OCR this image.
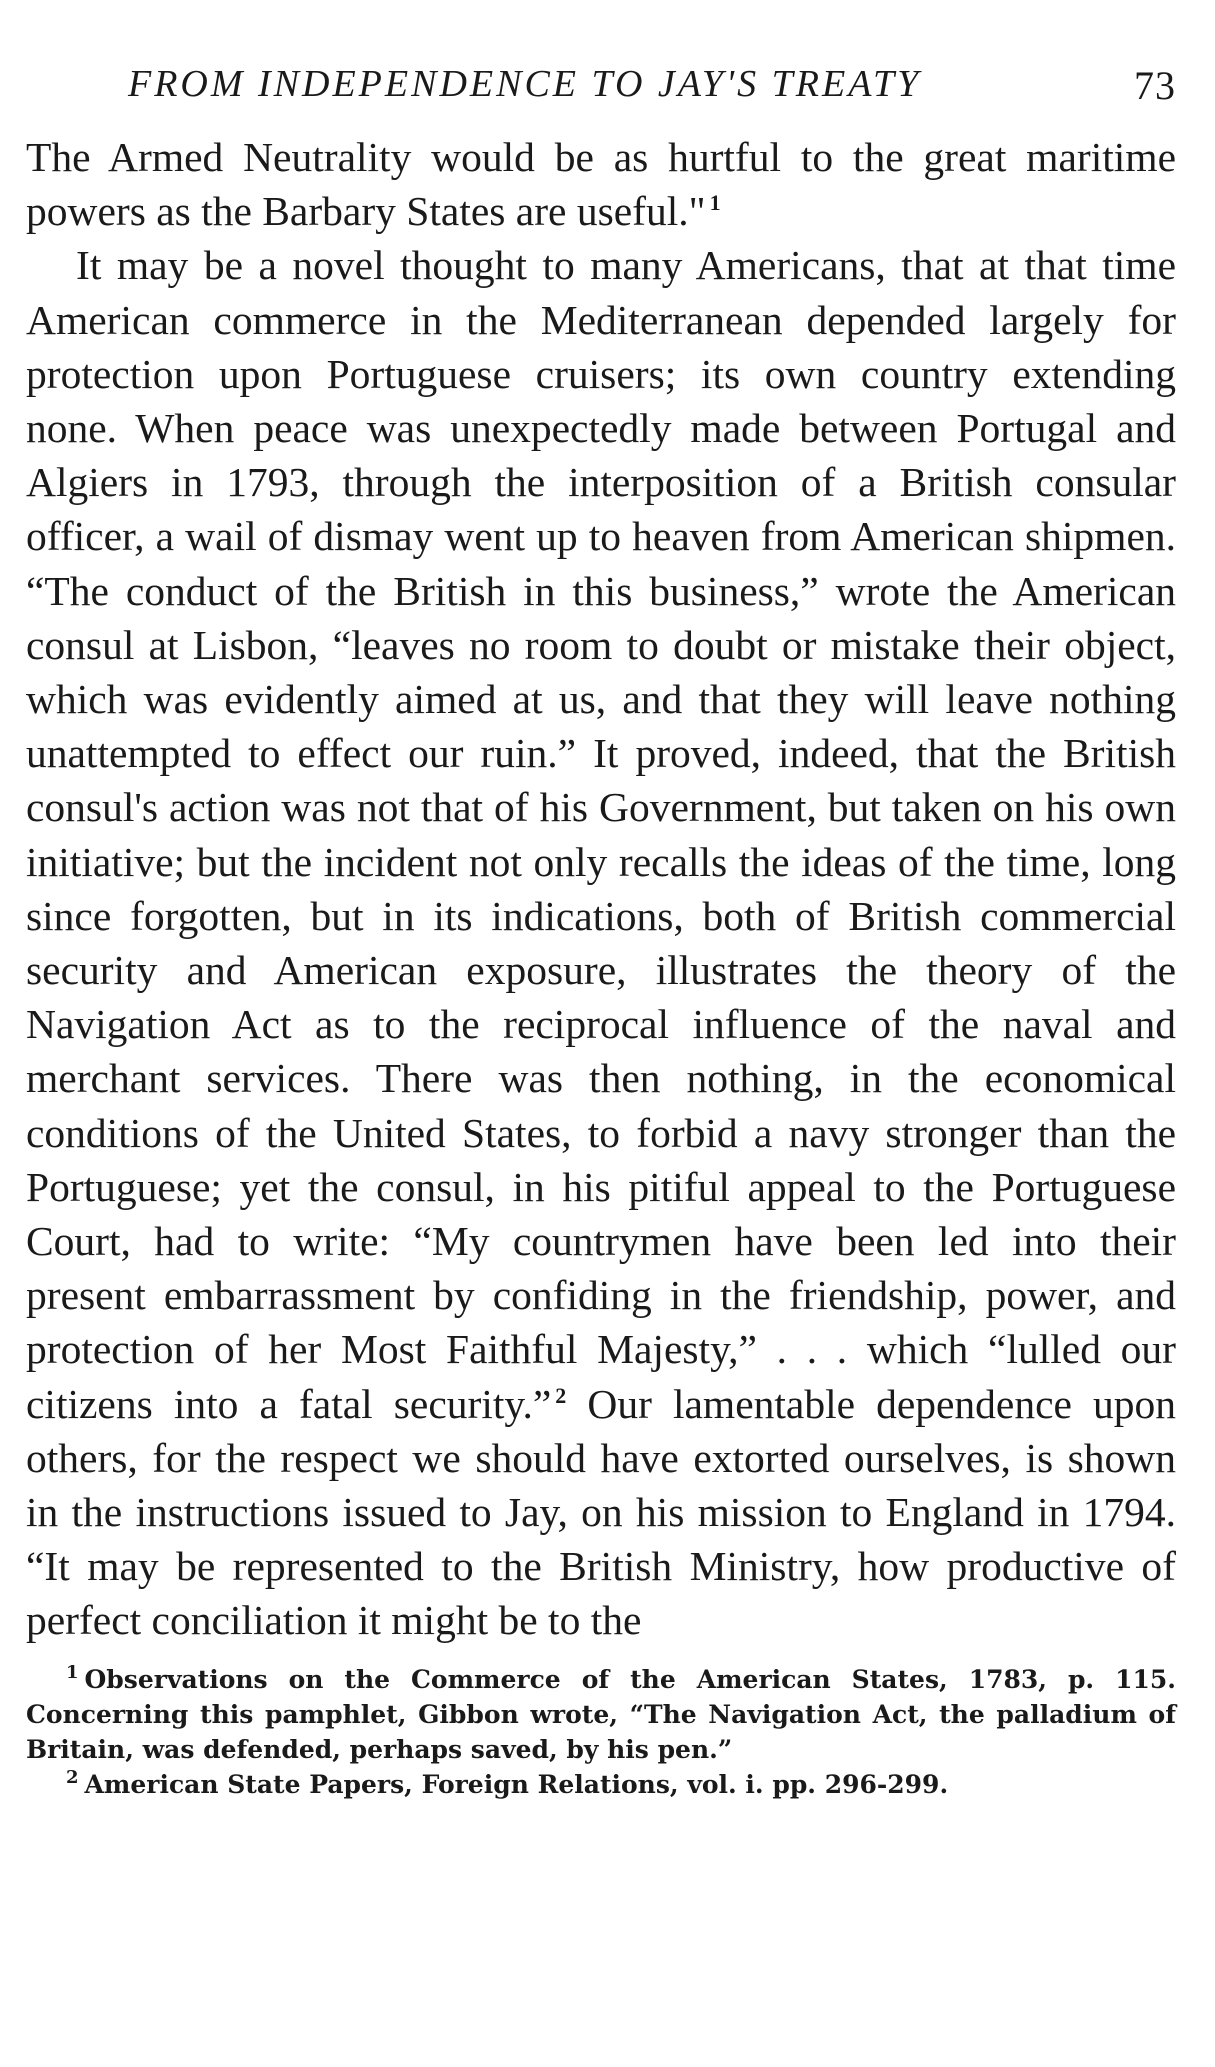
FROM INDEPENDENCE TO JAY'S TREATY	73

The Armed Neutrality would be as hurtful to the great maritime powers as the Barbary States are useful." $^1$

It may be a novel thought to many Americans, that at that time American commerce in the Mediterranean depended largely for protection upon Portuguese cruisers; its own country extending none. When peace was unexpectedly made between Portugal and Algiers in 1793, through the interposition of a British consular officer, a wail of dismay went up to heaven from American shipmen. “The conduct of the British in this business,” wrote the American consul at Lisbon, “leaves no room to doubt or mistake their object, which was evidently aimed at us, and that they will leave nothing unattempted to effect our ruin.” It proved, indeed, that the British consul's action was not that of his Government, but taken on his own initiative; but the incident not only recalls the ideas of the time, long since forgotten, but in its indications, both of British commercial security and American exposure, illustrates the theory of the Navigation Act as to the reciprocal influence of the naval and merchant services. There was then nothing, in the economical conditions of the United States, to forbid a navy stronger than the Portuguese; yet the consul, in his pitiful appeal to the Portuguese Court, had to write: “My countrymen have been led into their present embarrassment by confiding in the friendship, power, and protection of her Most Faithful Majesty,” . . . which “lulled our citizens into a fatal security.” $^2$ Our lamentable dependence upon others, for the respect we should have extorted ourselves, is shown in the instructions issued to Jay, on his mission to England in 1794. “It may be represented to the British Ministry, how productive of perfect conciliation it might be to the

$^1$ Observations on the Commerce of the American States, 1783, p. 115. Concerning this pamphlet, Gibbon wrote, “The Navigation Act, the palladium of Britain, was defended, perhaps saved, by his pen.”

$^2$ American State Papers, Foreign Relations, vol. i. pp. 296-299.
